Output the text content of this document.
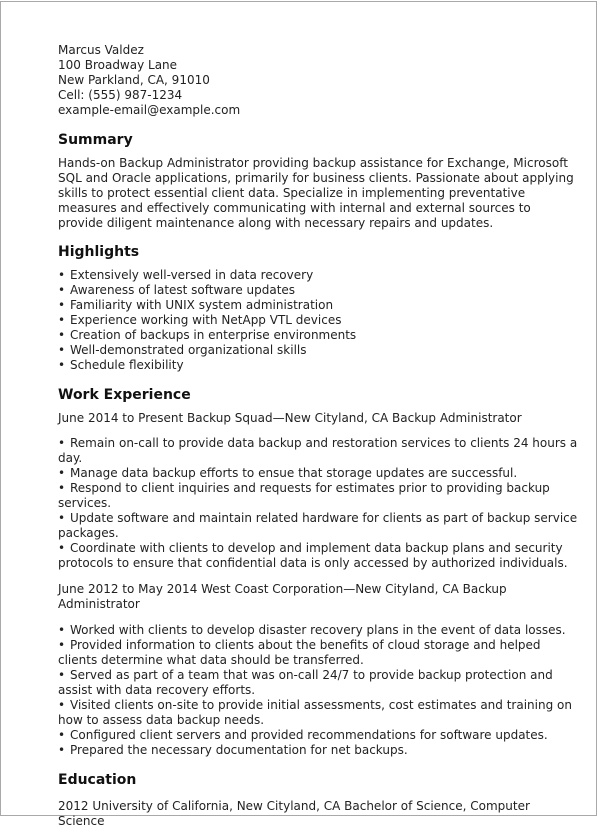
Marcus Valdez
100 Broadway Lane
New Parkland, CA, 91010
Cell: (555) 987-1234
example-email@example.com
Summary
Hands-on Backup Administrator providing backup assistance for Exchange, Microsoft SQL and Oracle applications, primarily for business clients. Passionate about applying skills to protect essential client data. Specialize in implementing preventative measures and effectively communicating with internal and external sources to provide diligent maintenance along with necessary repairs and updates.
Highlights
• Extensively well-versed in data recovery
• Awareness of latest software updates
• Familiarity with UNIX system administration
• Experience working with NetApp VTL devices
• Creation of backups in enterprise environments
• Well-demonstrated organizational skills
• Schedule flexibility
Work Experience
June 2014 to Present Backup Squad—New Cityland, CA Backup Administrator
• Remain on-call to provide data backup and restoration services to clients 24 hours a day.
• Manage data backup efforts to ensue that storage updates are successful.
• Respond to client inquiries and requests for estimates prior to providing backup services.
• Update software and maintain related hardware for clients as part of backup service packages.
• Coordinate with clients to develop and implement data backup plans and security protocols to ensure that confidential data is only accessed by authorized individuals.
June 2012 to May 2014 West Coast Corporation—New Cityland, CA Backup Administrator
• Worked with clients to develop disaster recovery plans in the event of data losses.
• Provided information to clients about the benefits of cloud storage and helped clients determine what data should be transferred.
• Served as part of a team that was on-call 24/7 to provide backup protection and assist with data recovery efforts.
• Visited clients on-site to provide initial assessments, cost estimates and training on how to assess data backup needs.
• Configured client servers and provided recommendations for software updates.
• Prepared the necessary documentation for net backups.
Education
2012 University of California, New Cityland, CA Bachelor of Science, Computer Science
